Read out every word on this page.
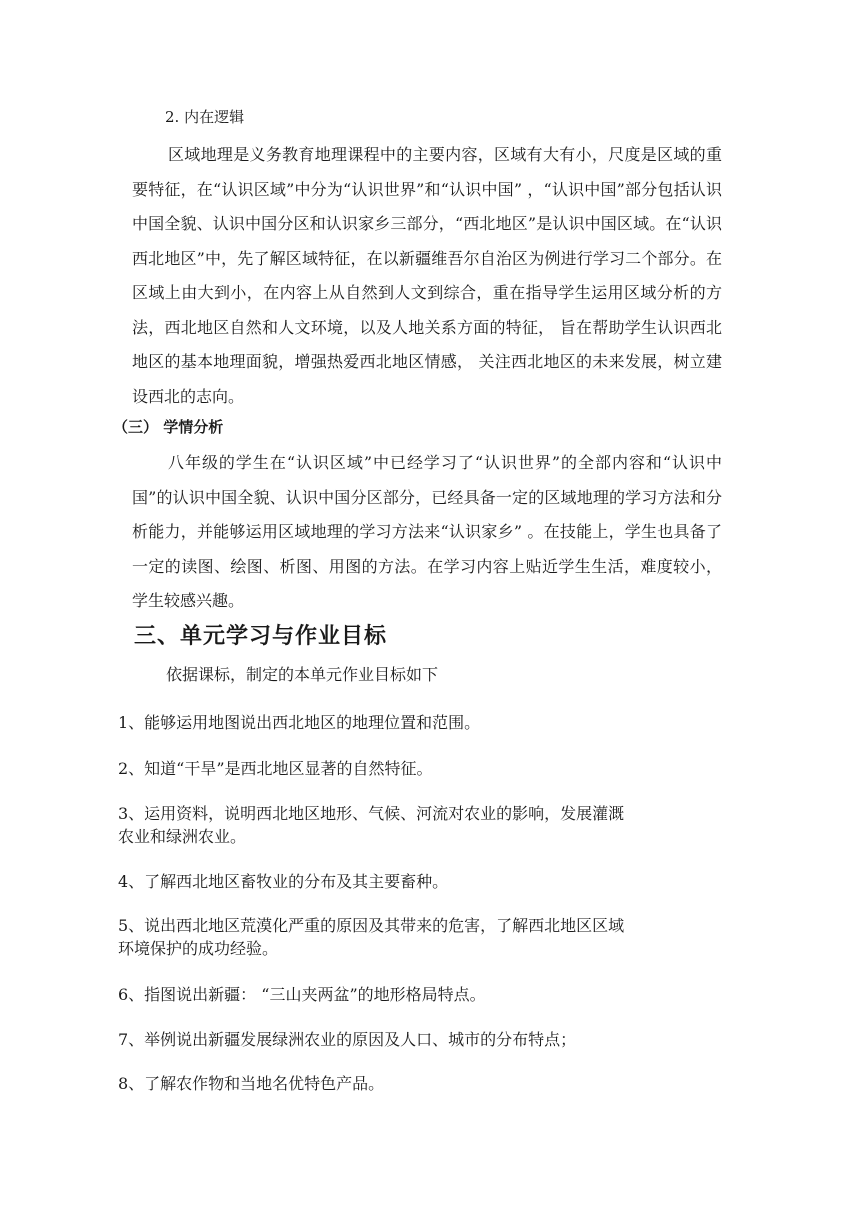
2. 内在逻辑

区域地理是义务教育地理课程中的主要内容，区域有大有小，尺度是区域的重要特征，在“认识区域”中分为“认识世界”和“认识中国” ，“认识中国”部分包括认识中国全貌、认识中国分区和认识家乡三部分，“西北地区”是认识中国区域。在“认识西北地区”中，先了解区域特征，在以新疆维吾尔自治区为例进行学习二个部分。在区域上由大到小，在内容上从自然到人文到综合，重在指导学生运用区域分析的方法，西北地区自然和人文环境，以及人地关系方面的特征， 旨在帮助学生认识西北地区的基本地理面貌，增强热爱西北地区情感， 关注西北地区的未来发展，树立建设西北的志向。

（三） 学情分析

八年级的学生在“认识区域”中已经学习了“认识世界”的全部内容和“认识中国”的认识中国全貌、认识中国分区部分，已经具备一定的区域地理的学习方法和分析能力，并能够运用区域地理的学习方法来“认识家乡” 。在技能上，学生也具备了一定的读图、绘图、析图、用图的方法。在学习内容上贴近学生生活，难度较小，学生较感兴趣。

三、单元学习与作业目标

依据课标，制定的本单元作业目标如下

1、能够运用地图说出西北地区的地理位置和范围。

2、知道“干旱”是西北地区显著的自然特征。

3、运用资料，说明西北地区地形、气候、河流对农业的影响，发展灌溉农业和绿洲农业。

4、了解西北地区畜牧业的分布及其主要畜种。

5、说出西北地区荒漠化严重的原因及其带来的危害，了解西北地区区域环境保护的成功经验。

6、指图说出新疆： “三山夹两盆”的地形格局特点。

7、举例说出新疆发展绿洲农业的原因及人口、城市的分布特点；

8、了解农作物和当地名优特色产品。
